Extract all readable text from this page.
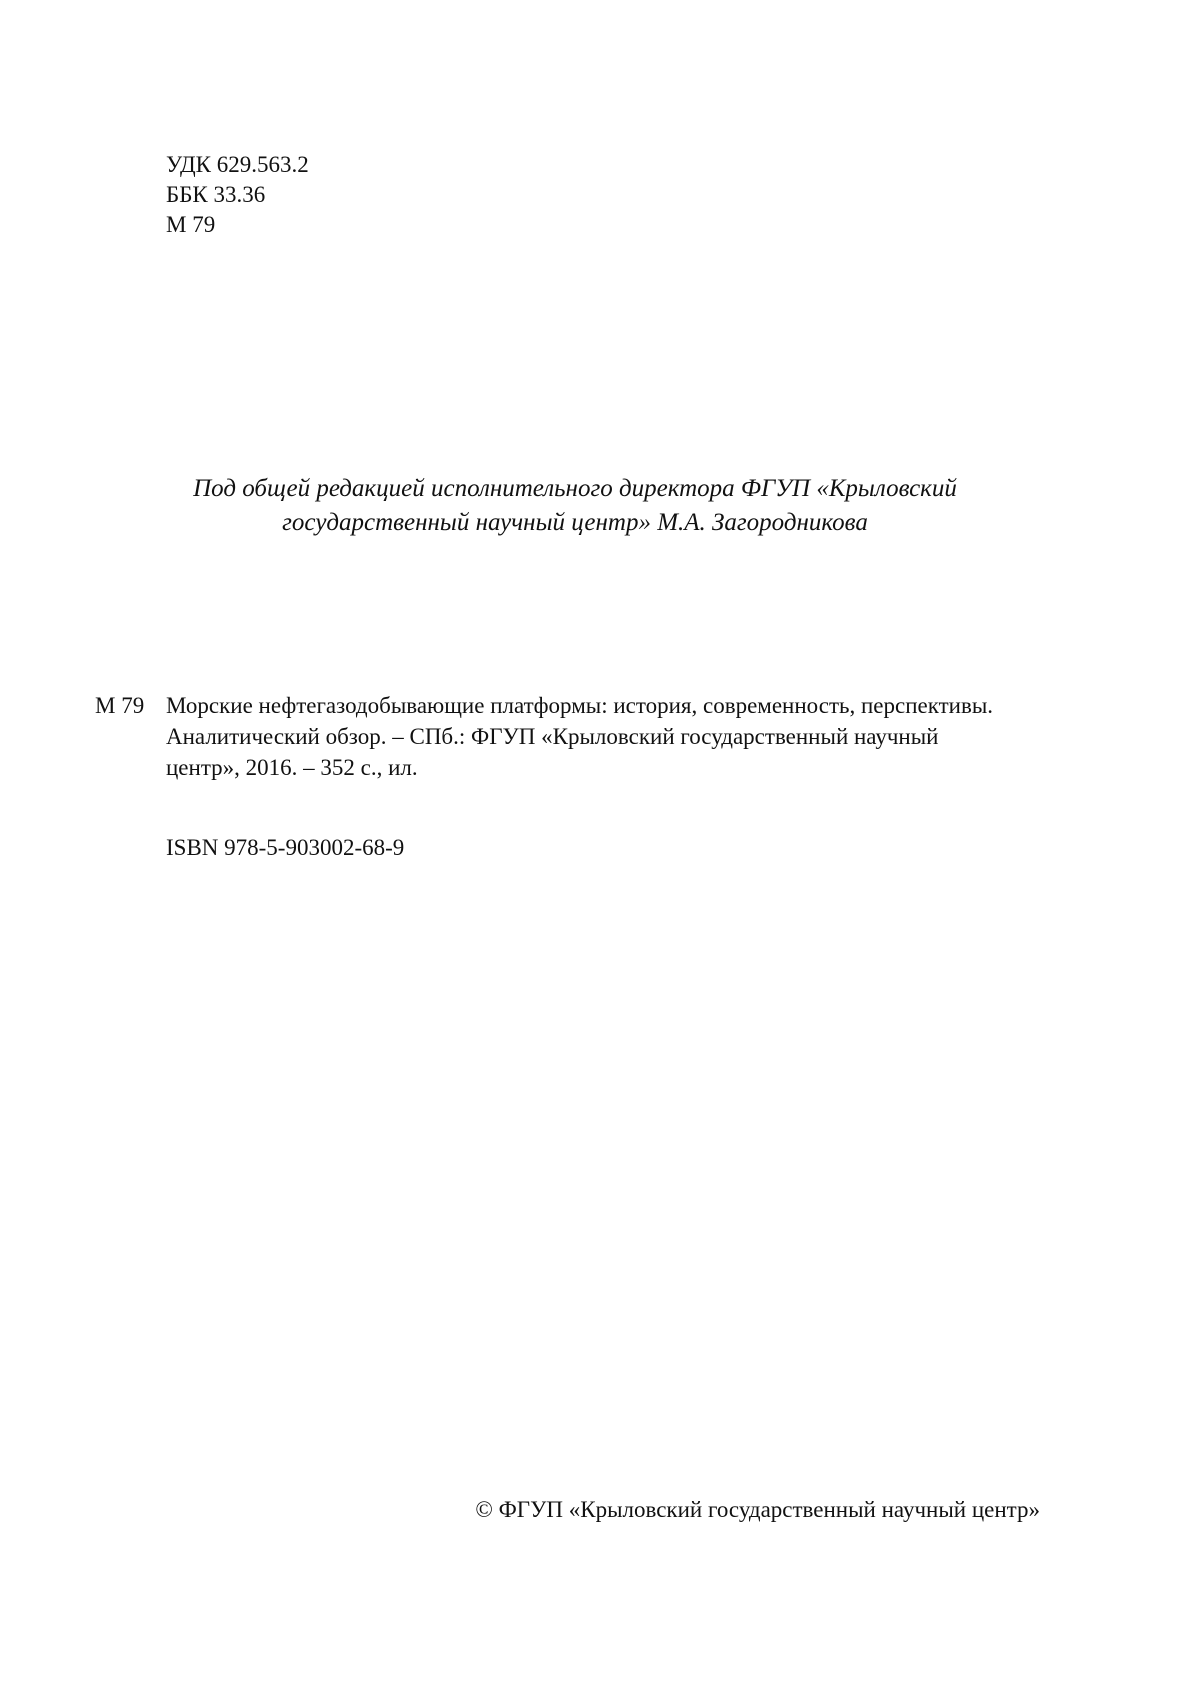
УДК 629.563.2
ББК 33.36
М 79
Под общей редакцией исполнительного директора ФГУП «Крыловский
государственный научный центр» М.А. Загородникова
М 79 Морские нефтегазодобывающие платформы: история, современность, перспективы.
Аналитический обзор. – СПб.: ФГУП «Крыловский государственный научный
центр», 2016. – 352 с., ил.
ISBN 978-5-903002-68-9
© ФГУП «Крыловский государственный научный центр»
